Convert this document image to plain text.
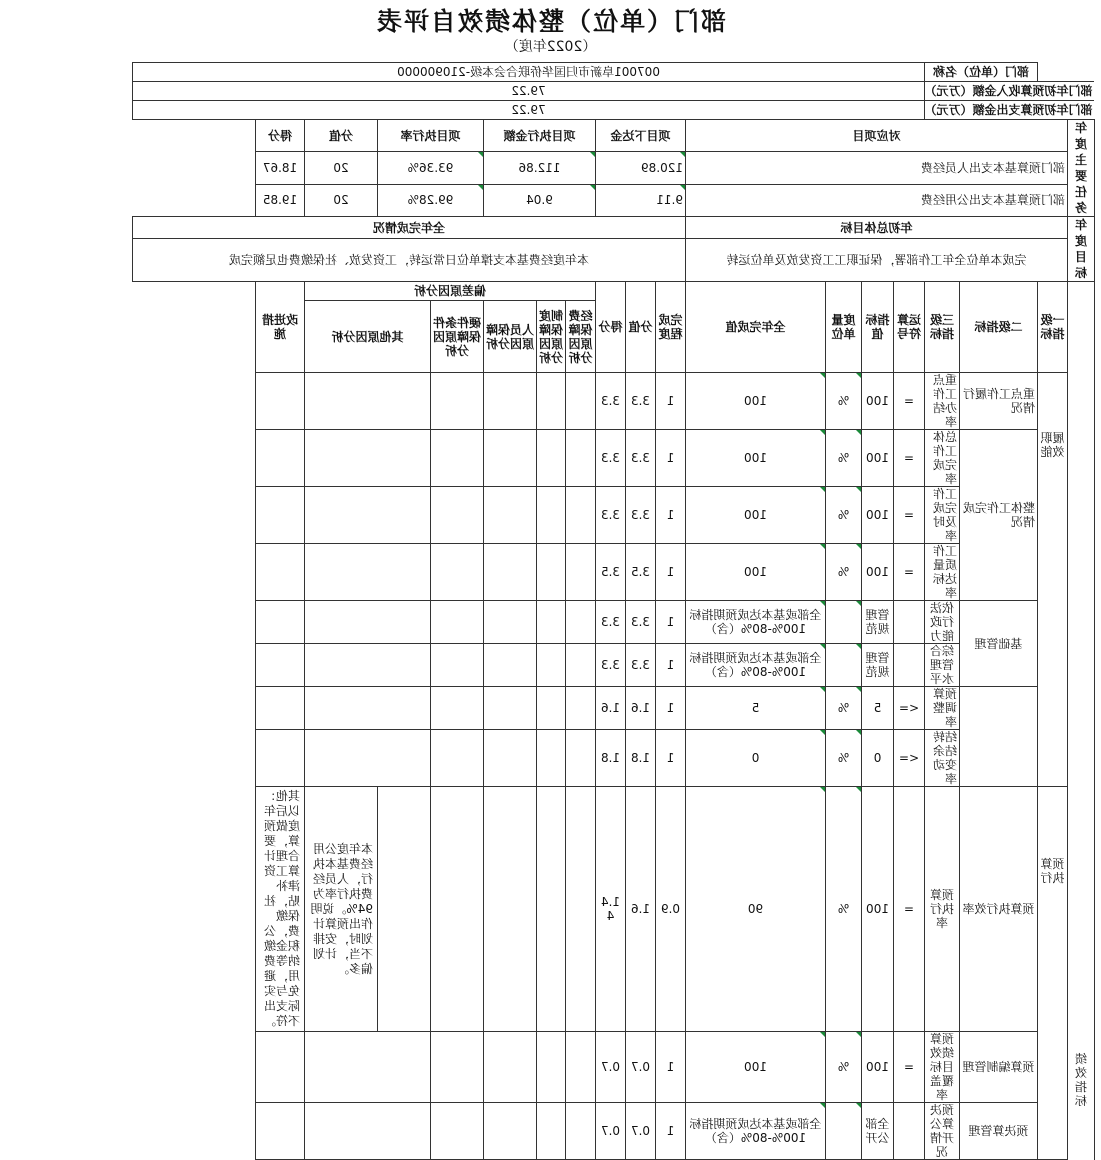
部门（单位）整体绩效自评表
（2022年度）
		部门（单位）名称		007001阜新市归国华侨联合会本级-210900000														
部门年初预算收入金额（万元）				79.22														
部门年初预算支出金额（万元）				79.22														
年度主要任务	对应项目							项目下达金			项目执行金额			项目执行率		分值	得分	
	部门预算基本支出人员经费							120.89			112.86			93.36%		20	18.67	
	部门预算基本支出公用经费							9.11			9.04			99.28%		20	19.85	
年度目标	年初总体目标							全年完成情况										
	完成本单位全年工作部署，保证职工工资发放及单位运转							本年度经费基本支撑单位日常运转，工资发放、社保缴费也足额完成										

绩效指标	一级指标	二级指标	三级指标	运算符号	指标值	度量单位	全年完成值	完成程度	分值	得分	偏差原因分析						改进措施	
											经费保障原因分析	制度保障原因分析	人员保障原因分析	硬件条件保障原因分析	其他原因分析			
	履职效能	重点工作履行情况	重点工作办结率	=	100	%	100	1	3.3	3.3								
		整体工作完成情况	总体工作完成率	=	100	%	100	1	3.3	3.3								
			工作完成及时率	=	100	%	100	1	3.3	3.3								
			工作质量达标率	=	100	%	100	1	3.5	3.5								
		基础管理	依法行政能力		管理规范		全部或基本达成预期指标100%-80%（含）	1	3.3	3.3								
			综合管理水平		管理规范		全部或基本达成预期指标100%-80%（含）	1	3.3	3.3								
			预算调整率	<=	5	%	5	1	1.6	1.6								
			结转结余变动率	<=	0	%	0	1	1.8	1.8								
	预算执行	预算执行效率	预算执行率	=	100	%	90	0.9	1.6	1.44						本年度公用经费基本执行，人员经费执行率为94%。说明作出预算计划时，安排不当，计划偏多。	其他：以后年度做预算，要合理计算工资津补贴，社保缴费，公积金缴纳等费用，避免与实际支出不符。	
		预算编制管理	预算绩效目标覆盖率	=	100	%	100	1	0.7	0.7								
		预决算管理	预决算公开情况		全部公开		全部或基本达成预期指标100%-80%（含）	1	0.7	0.7								
